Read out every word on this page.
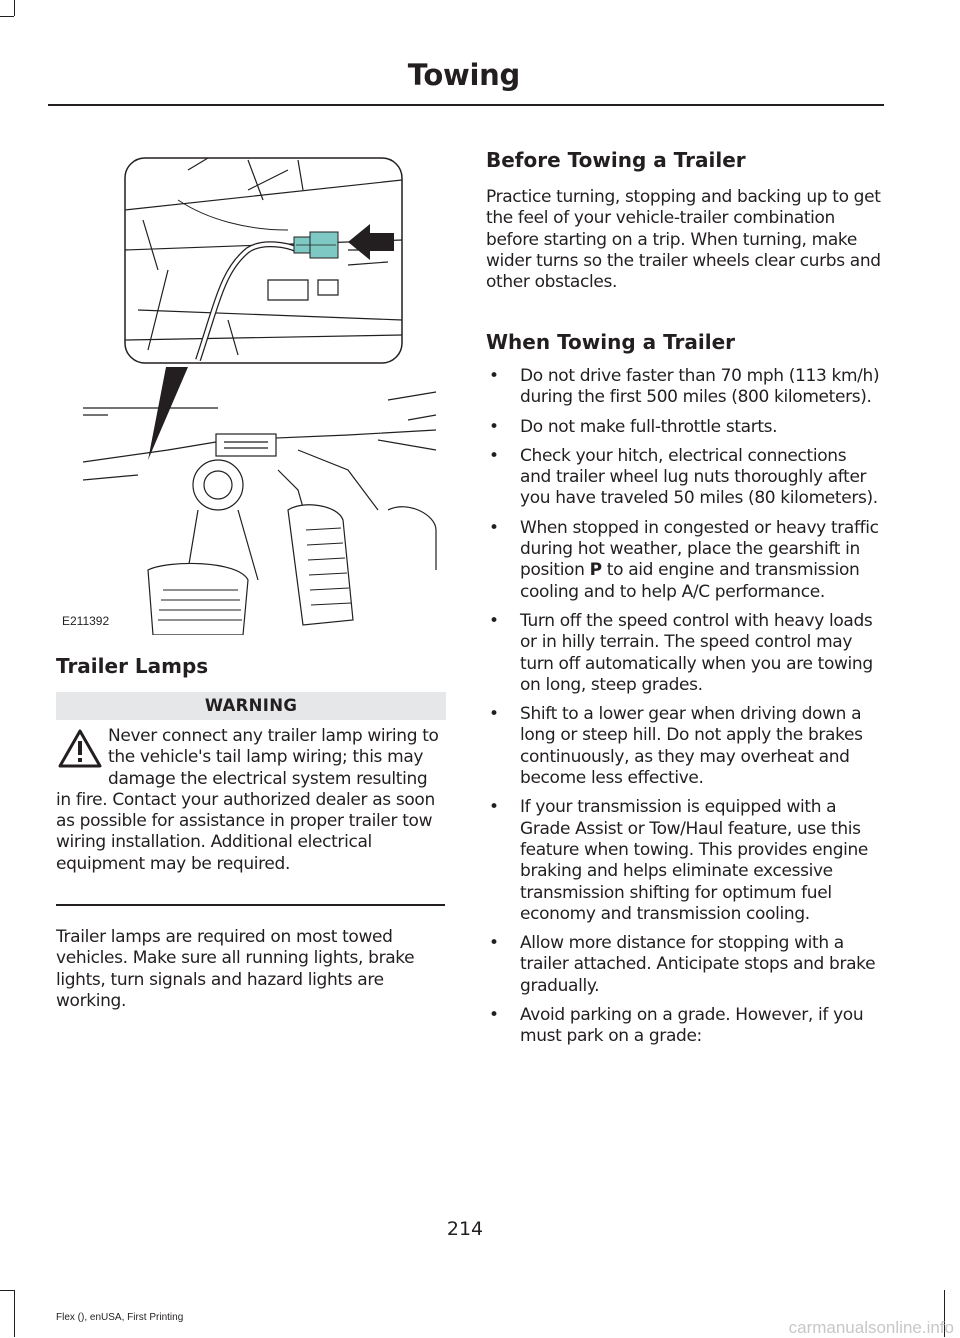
Towing
E211392
Trailer Lamps
WARNING
Never connect any trailer lamp wiring to the vehicle's tail lamp wiring; this may damage the electrical system resulting in fire. Contact your authorized dealer as soon as possible for assistance in proper trailer tow wiring installation. Additional electrical equipment may be required.

Trailer lamps are required on most towed vehicles. Make sure all running lights, brake lights, turn signals and hazard lights are working.

Before Towing a Trailer

Practice turning, stopping and backing up to get the feel of your vehicle-trailer combination before starting on a trip. When turning, make wider turns so the trailer wheels clear curbs and other obstacles.

When Towing a Trailer
• Do not drive faster than 70 mph (113 km/h) during the first 500 miles (800 kilometers).
• Do not make full-throttle starts.
• Check your hitch, electrical connections and trailer wheel lug nuts thoroughly after you have traveled 50 miles (80 kilometers).
• When stopped in congested or heavy traffic during hot weather, place the gearshift in position P to aid engine and transmission cooling and to help A/C performance.
• Turn off the speed control with heavy loads or in hilly terrain. The speed control may turn off automatically when you are towing on long, steep grades.
• Shift to a lower gear when driving down a long or steep hill. Do not apply the brakes continuously, as they may overheat and become less effective.
• If your transmission is equipped with a Grade Assist or Tow/Haul feature, use this feature when towing. This provides engine braking and helps eliminate excessive transmission shifting for optimum fuel economy and transmission cooling.
• Allow more distance for stopping with a trailer attached. Anticipate stops and brake gradually.
• Avoid parking on a grade. However, if you must park on a grade:
214
Flex (), enUSA, First Printing
carmanualsonline.info
